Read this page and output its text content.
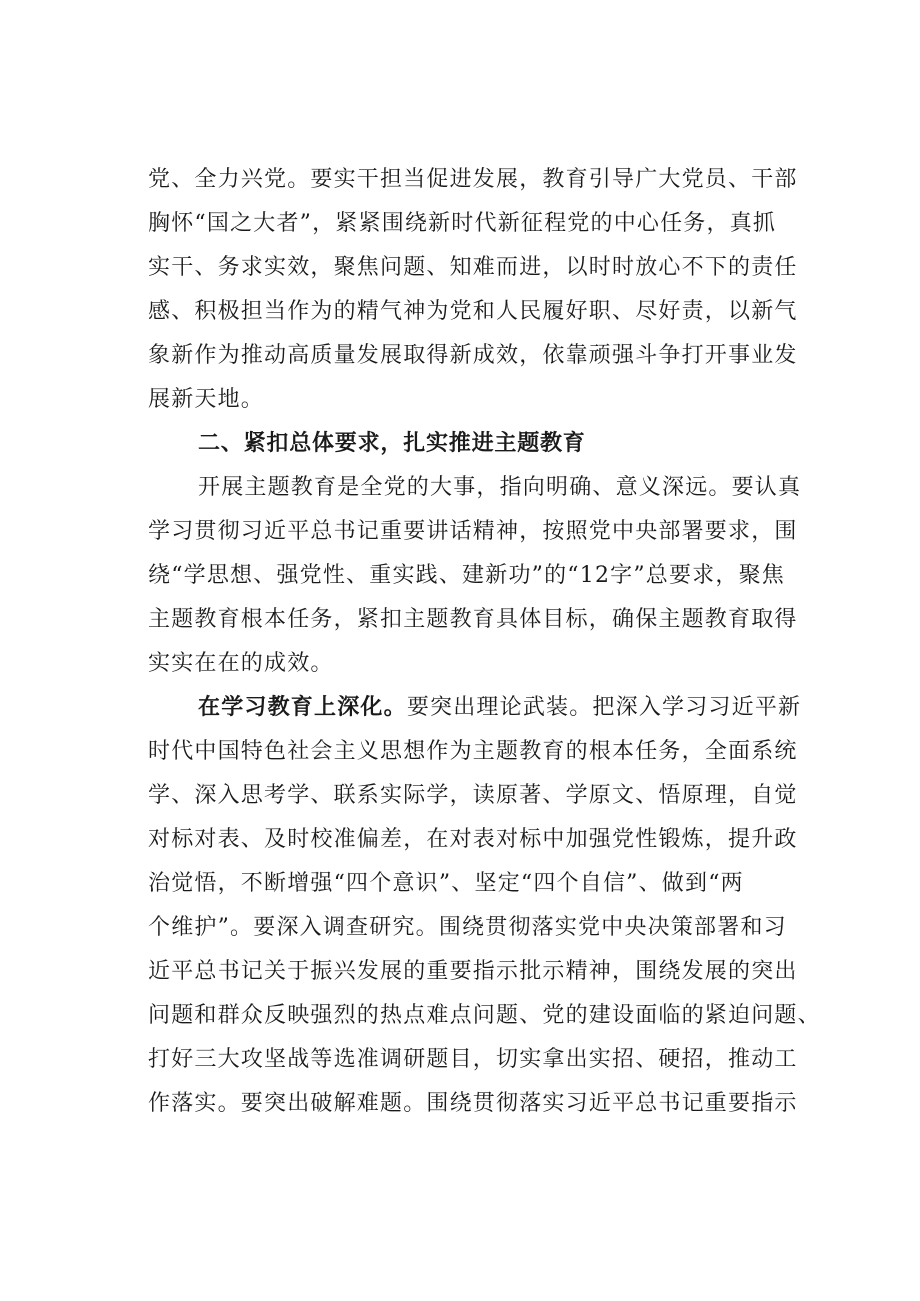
党、全力兴党。要实干担当促进发展，教育引导广大党员、干部
胸怀“国之大者”，紧紧围绕新时代新征程党的中心任务，真抓
实干、务求实效，聚焦问题、知难而进，以时时放心不下的责任
感、积极担当作为的精气神为党和人民履好职、尽好责，以新气
象新作为推动高质量发展取得新成效，依靠顽强斗争打开事业发
展新天地。
二、紧扣总体要求，扎实推进主题教育
开展主题教育是全党的大事，指向明确、意义深远。要认真
学习贯彻习近平总书记重要讲话精神，按照党中央部署要求，围
绕“学思想、强党性、重实践、建新功”的“12字”总要求，聚焦
主题教育根本任务，紧扣主题教育具体目标，确保主题教育取得
实实在在的成效。
在学习教育上深化。要突出理论武装。把深入学习习近平新
时代中国特色社会主义思想作为主题教育的根本任务，全面系统
学、深入思考学、联系实际学，读原著、学原文、悟原理，自觉
对标对表、及时校准偏差，在对表对标中加强党性锻炼，提升政
治觉悟，不断增强“四个意识”、坚定“四个自信”、做到“两
个维护”。要深入调查研究。围绕贯彻落实党中央决策部署和习
近平总书记关于振兴发展的重要指示批示精神，围绕发展的突出
问题和群众反映强烈的热点难点问题、党的建设面临的紧迫问题、
打好三大攻坚战等选准调研题目，切实拿出实招、硬招，推动工
作落实。要突出破解难题。围绕贯彻落实习近平总书记重要指示
